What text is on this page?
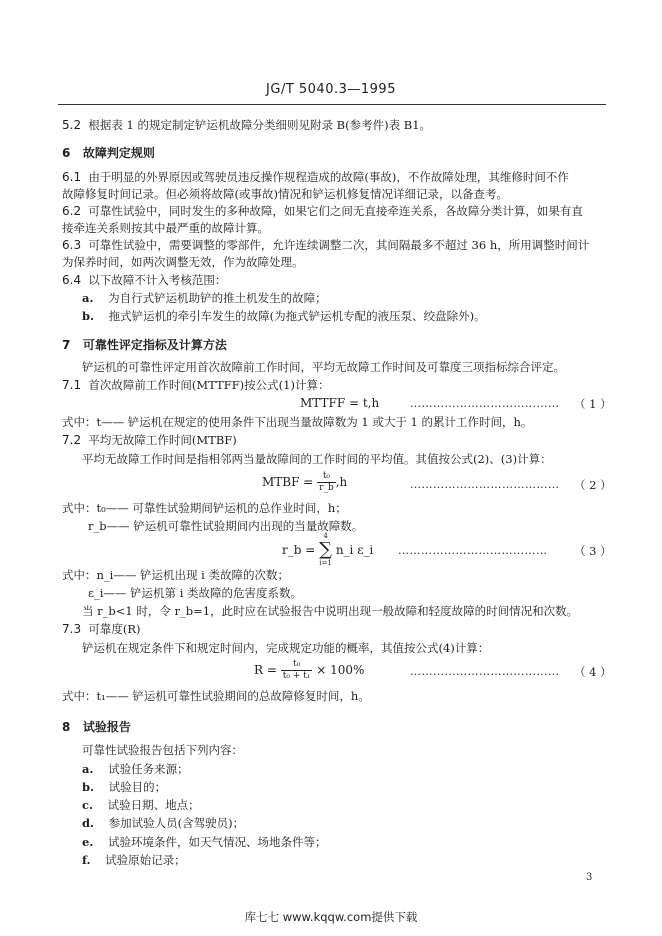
JG/T 5040.3—1995
5.2 根据表 1 的规定制定铲运机故障分类细则见附录 B(参考件)表 B1。
6 故障判定规则
6.1 由于明显的外界原因或驾驶员违反操作规程造成的故障(事故)，不作故障处理，其维修时间不作
故障修复时间记录。但必须将故障(或事故)情况和铲运机修复情况详细记录，以备查考。
6.2 可靠性试验中，同时发生的多种故障，如果它们之间无直接牵连关系，各故障分类计算，如果有直
接牵连关系则按其中最严重的故障计算。
6.3 可靠性试验中，需要调整的零部件，允许连续调整二次，其间隔最多不超过 36 h，所用调整时间计
为保养时间，如两次调整无效，作为故障处理。
6.4 以下故障不计入考核范围：
a. 为自行式铲运机助铲的推土机发生的故障；
b. 拖式铲运机的牵引车发生的故障(为拖式铲运机专配的液压泵、绞盘除外)。
7 可靠性评定指标及计算方法
铲运机的可靠性评定用首次故障前工作时间，平均无故障工作时间及可靠度三项指标综合评定。
7.1 首次故障前工作时间(MTTFF)按公式(1)计算：
MTTFF = t,h	………………………………… （ 1 ）
式中：t—— 铲运机在规定的使用条件下出现当量故障数为 1 或大于 1 的累计工作时间，h。
7.2 平均无故障工作时间(MTBF)
平均无故障工作时间是指相邻两当量故障间的工作时间的平均值。其值按公式(2)、(3)计算：
MTBF = $\frac{\text{t₀}}{r\_b} ,h$	………………………………… （ 2 ）
式中：t₀—— 可靠性试验期间铲运机的总作业时间，h；
r_b—— 铲运机可靠性试验期间内出现的当量故障数。
r_b =
4
∑
i=1
n_i ε_i ………………………………… （ 3 ）
式中：n_i—— 铲运机出现 i 类故障的次数；
ε_i—— 铲运机第 i 类故障的危害度系数。
当 r_b<1 时，令 r_b=1，此时应在试验报告中说明出现一般故障和轻度故障的时间情况和次数。
7.3 可靠度(R)
铲运机在规定条件下和规定时间内，完成规定功能的概率，其值按公式(4)计算：
$R = \frac{\text{t₀}}{\text{t₀ + t₁}} \times 100\%$	………………………………… （ 4 ）
式中：t₁—— 铲运机可靠性试验期间的总故障修复时间，h。
8 试验报告
可靠性试验报告包括下列内容：
a. 试验任务来源；
b. 试验目的；
c. 试验日期、地点；
d. 参加试验人员(含驾驶员)；
e. 试验环境条件，如天气情况、场地条件等；
f. 试验原始记录；
3
库七七 www.kqqw.com提供下载
